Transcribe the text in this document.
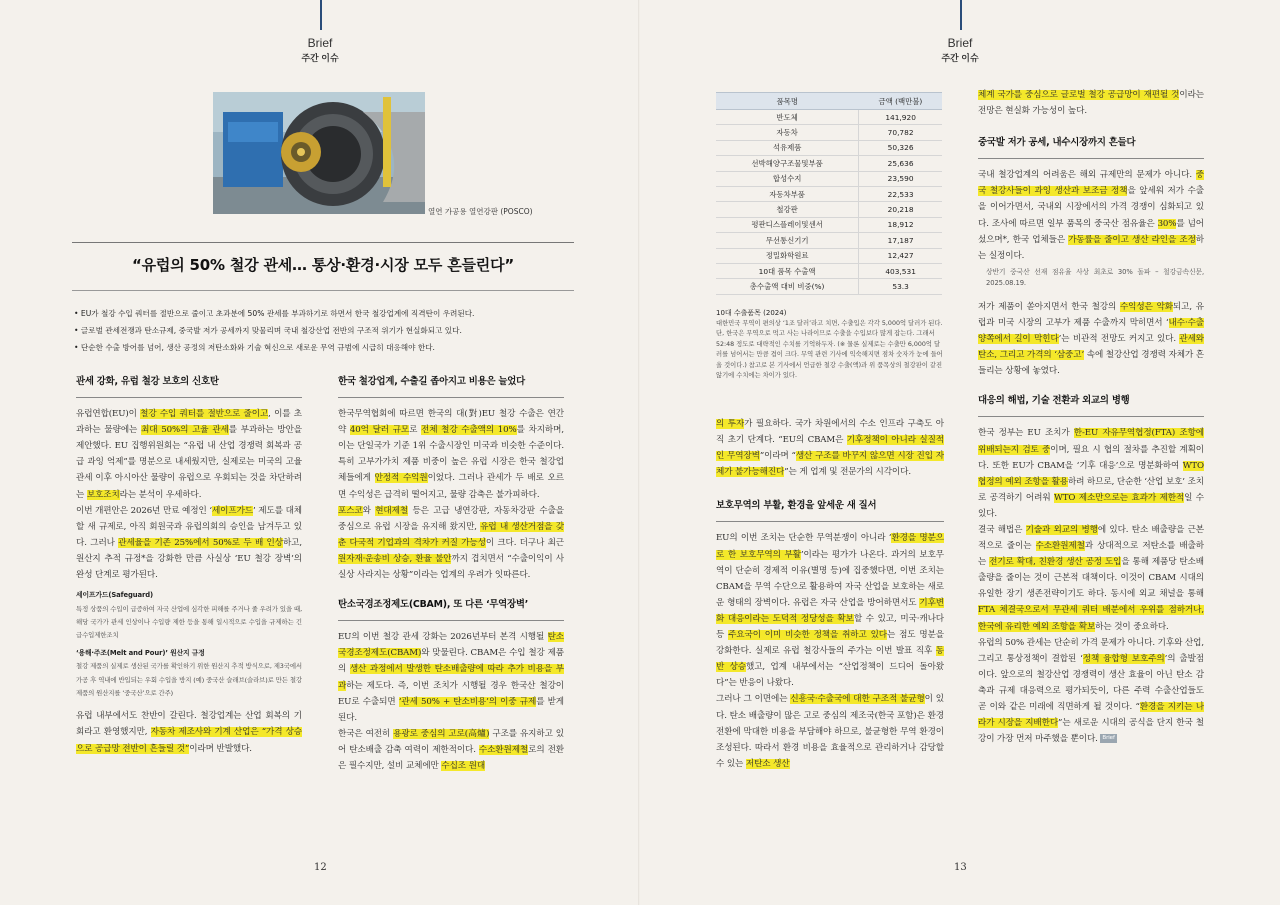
Brief
주간 이슈
열연 가공용 열연강판 (POSCO)
“유럽의 50% 철강 관세… 통상·환경·시장 모두 흔들린다”
• EU가 철강 수입 쿼터를 절반으로 줄이고 초과분에 50% 관세를 부과하기로 하면서 한국 철강업계에 직격탄이 우려된다.
• 글로벌 관세전쟁과 탄소규제, 중국발 저가 공세까지 맞물리며 국내 철강산업 전반의 구조적 위기가 현실화되고 있다.
• 단순한 수출 방어를 넘어, 생산 공정의 저탄소화와 기술 혁신으로 새로운 무역 규범에 시급히 대응해야 한다.
관세 강화, 유럽 철강 보호의 신호탄

유럽연합(EU)이 철강 수입 쿼터를 절반으로 줄이고, 이를 초과하는 물량에는 최대 50%의 고율 관세를 부과하는 방안을 제안했다. EU 집행위원회는 “유럽 내 산업 경쟁력 회복과 공급 과잉 억제”를 명분으로 내세웠지만, 실제로는 미국의 고율 관세 이후 아시아산 물량이 유럽으로 우회되는 것을 차단하려는 보호조치라는 분석이 우세하다.

이번 개편안은 2026년 만료 예정인 ‘세이프가드’ 제도를 대체할 새 규제로, 아직 회원국과 유럽의회의 승인을 남겨두고 있다. 그러나 관세율을 기존 25%에서 50%로 두 배 인상하고, 원산지 추적 규정*을 강화한 만큼 사실상 ‘EU 철강 장벽’의 완성 단계로 평가된다.

세이프가드(Safeguard)
특정 상품의 수입이 급증하여 자국 산업에 심각한 피해를 주거나 줄 우려가 있을 때, 해당 국가가 관세 인상이나 수입량 제한 등을 통해 일시적으로 수입을 규제하는 긴급수입제한조치
‘용해·주조(Melt and Pour)’ 원산지 규정
철강 제품의 실제로 생산된 국가를 확인하기 위한 원산지 추적 방식으로, 제3국에서 가공 후 역내에 반입되는 우회 수입을 방지 (예) 중국산 슬래브(슬라브)로 만든 철강 제품의 원산지를 ‘중국산’으로 간주)

유럽 내부에서도 찬반이 갈린다. 철강업계는 산업 회복의 기회라고 환영했지만, 자동차 제조사와 기계 산업은 “가격 상승으로 공급망 전반이 흔들릴 것”이라며 반발했다.

한국 철강업계, 수출길 좁아지고 비용은 늘었다

한국무역협회에 따르면 한국의 대(對)EU 철강 수출은 연간 약 40억 달러 규모로 전체 철강 수출액의 10%를 차지하며, 이는 단일국가 기준 1위 수출시장인 미국과 비슷한 수준이다. 특히 고부가가치 제품 비중이 높은 유럽 시장은 한국 철강업체들에게 안정적 수익원이었다. 그러나 관세가 두 배로 오르면 수익성은 급격히 떨어지고, 물량 감축은 불가피하다.

포스코와 현대제철 등은 고급 냉연강판, 자동차강판 수출을 중심으로 유럽 시장을 유지해 왔지만, 유럽 내 생산거점을 갖춘 다국적 기업과의 격차가 커질 가능성이 크다. 더구나 최근 원자재·운송비 상승, 환율 불안까지 겹치면서 “수출이익이 사실상 사라지는 상황”이라는 업계의 우려가 잇따른다.

탄소국경조정제도(CBAM), 또 다른 ‘무역장벽’

EU의 이번 철강 관세 강화는 2026년부터 본격 시행될 탄소국경조정제도(CBAM)와 맞물린다. CBAM은 수입 철강 제품의 생산 과정에서 발생한 탄소배출량에 따라 추가 비용을 부과하는 제도다. 즉, 이번 조치가 시행될 경우 한국산 철강이 EU로 수출되면 ‘관세 50% + 탄소비용’의 이중 규제를 받게 된다.

한국은 여전히 용광로 중심의 고로(高爐) 구조를 유지하고 있어 탄소배출 감축 여력이 제한적이다. 수소환원제철로의 전환은 필수지만, 설비 교체에만 수십조 원대

12
Brief
주간 이슈
13
품목명	금액 (백만불)
반도체	141,920
자동차	70,782
석유제품	50,326
선박해양구조물및부품	25,636
합성수지	23,590
자동차부품	22,533
철강판	20,218
평판디스플레이및센서	18,912
무선통신기기	17,187
정밀화학원료	12,427
10대 품목 수출액	403,531
총수출액 대비 비중(%)	53.3
10대 수출품목 (2024)
대한민국 무역이 편의상 ‘1조 달러’라고 치면, 수출입은 각각 5,000억 달러가 된다. 단, 한국은 무역으로 먹고 사는 나라이므로 수출을 수입보다 많게 잡는다. 그래서 52:48 정도로 대략적인 수치를 기억하두자. (※ 물론 실제로는 수출만 6,000억 달러를 넘어서는 만큼 겹이 크다. 무역 관련 기사에 익숙해지면 점차 숫자가 눈에 들어올 것이다.) 참고로 본 기사에서 언급한 철강 수출(액)과 위 품목상의 철강판이 같진 않기에 수치에는 차이가 있다.

의 투자가 필요하다. 국가 차원에서의 수소 인프라 구축도 아직 초기 단계다. “EU의 CBAM은 기후정책이 아니라 실질적인 무역장벽”이라며 “생산 구조를 바꾸지 않으면 시장 진입 자체가 불가능해진다”는 게 업계 및 전문가의 시각이다.

보호무역의 부활, 환경을 앞세운 새 질서

EU의 이번 조치는 단순한 무역분쟁이 아니라 ‘환경을 명분으로 한 보호무역의 부활’이라는 평가가 나온다. 과거의 보호무역이 단순히 경제적 이유(별명 등)에 집중했다면, 이번 조치는 CBAM을 무역 수단으로 활용하여 자국 산업을 보호하는 새로운 형태의 장벽이다. 유럽은 자국 산업을 방어하면서도 기후변화 대응이라는 도덕적 정당성을 확보할 수 있고, 미국·캐나다 등 주요국이 이미 비슷한 정책을 취하고 있다는 점도 명분을 강화한다. 실제로 유럽 철강사들의 주가는 이번 발표 직후 동반 상승했고, 업계 내부에서는 “산업정책이 드디어 돌아왔다”는 반응이 나왔다.

그러나 그 이면에는 신흥국·수출국에 대한 구조적 불균형이 있다. 탄소 배출량이 많은 고로 중심의 제조국(한국 포함)은 환경 전환에 막대한 비용을 부담해야 하므로, 불균형한 무역 환경이 조성된다. 따라서 환경 비용을 효율적으로 관리하거나 감당할 수 있는 저탄소 생산

체계 국가를 중심으로 글로벌 철강 공급망이 재편될 것이라는 전망은 현실화 가능성이 높다.

중국발 저가 공세, 내수시장까지 흔들다

국내 철강업계의 어려움은 해외 규제만의 문제가 아니다. 중국 철강사들이 과잉 생산과 보조금 정책을 앞세워 저가 수출을 이어가면서, 국내외 시장에서의 가격 경쟁이 심화되고 있다. 조사에 따르면 일부 품목의 중국산 점유율은 30%를 넘어섰으며*, 한국 업체들은 가동률을 줄이고 생산 라인을 조정하는 실정이다.

상반기 중국산 선재 점유율 사상 최초로 30% 돌파 – 철강금속신문, 2025.08.19.

저가 제품이 쏟아지면서 한국 철강의 수익성은 악화되고, 유럽과 미국 시장의 고부가 제품 수출까지 막히면서 ‘내수·수출 양쪽에서 길이 막힌다’는 비관적 전망도 커지고 있다. 관세와 탄소, 그리고 가격의 ‘삼중고’ 속에 철강산업 경쟁력 자체가 흔들리는 상황에 놓였다.

대응의 해법, 기술 전환과 외교의 병행

한국 정부는 EU 조치가 한-EU 자유무역협정(FTA) 조항에 위배되는지 검토 중이며, 필요 시 협의 절차를 추진할 계획이다. 또한 EU가 CBAM을 ‘기후 대응’으로 명분화하여 WTO 협정의 예외 조항을 활용하려 하므로, 단순한 ‘산업 보호’ 조치로 공격하기 어려워 WTO 제소만으로는 효과가 제한적일 수 있다.

결국 해법은 기술과 외교의 병행에 있다. 탄소 배출량을 근본적으로 줄이는 수소환원제철과 상대적으로 저탄소를 배출하는 전기로 확대, 친환경 생산 공정 도입을 통해 제품당 탄소배출량을 줄이는 것이 근본적 대책이다. 이것이 CBAM 시대의 유일한 장기 생존전략이기도 하다. 동시에 외교 채널을 통해 FTA 체결국으로서 무관세 쿼터 배분에서 우위를 점하거나, 한국에 유리한 예외 조항을 확보하는 것이 중요하다.

유럽의 50% 관세는 단순히 가격 문제가 아니다. 기후와 산업, 그리고 통상정책이 결합된 ‘정책 융합형 보호주의’의 출발점이다. 앞으로의 철강산업 경쟁력이 생산 효율이 아닌 탄소 감축과 규제 대응력으로 평가되듯이, 다른 주력 수출산업들도 곧 이와 같은 미래에 직면하게 될 것이다. “환경을 지키는 나라가 시장을 지배한다”는 새로운 시대의 공식을 단지 한국 철강이 가장 먼저 마주했을 뿐이다. Brief
